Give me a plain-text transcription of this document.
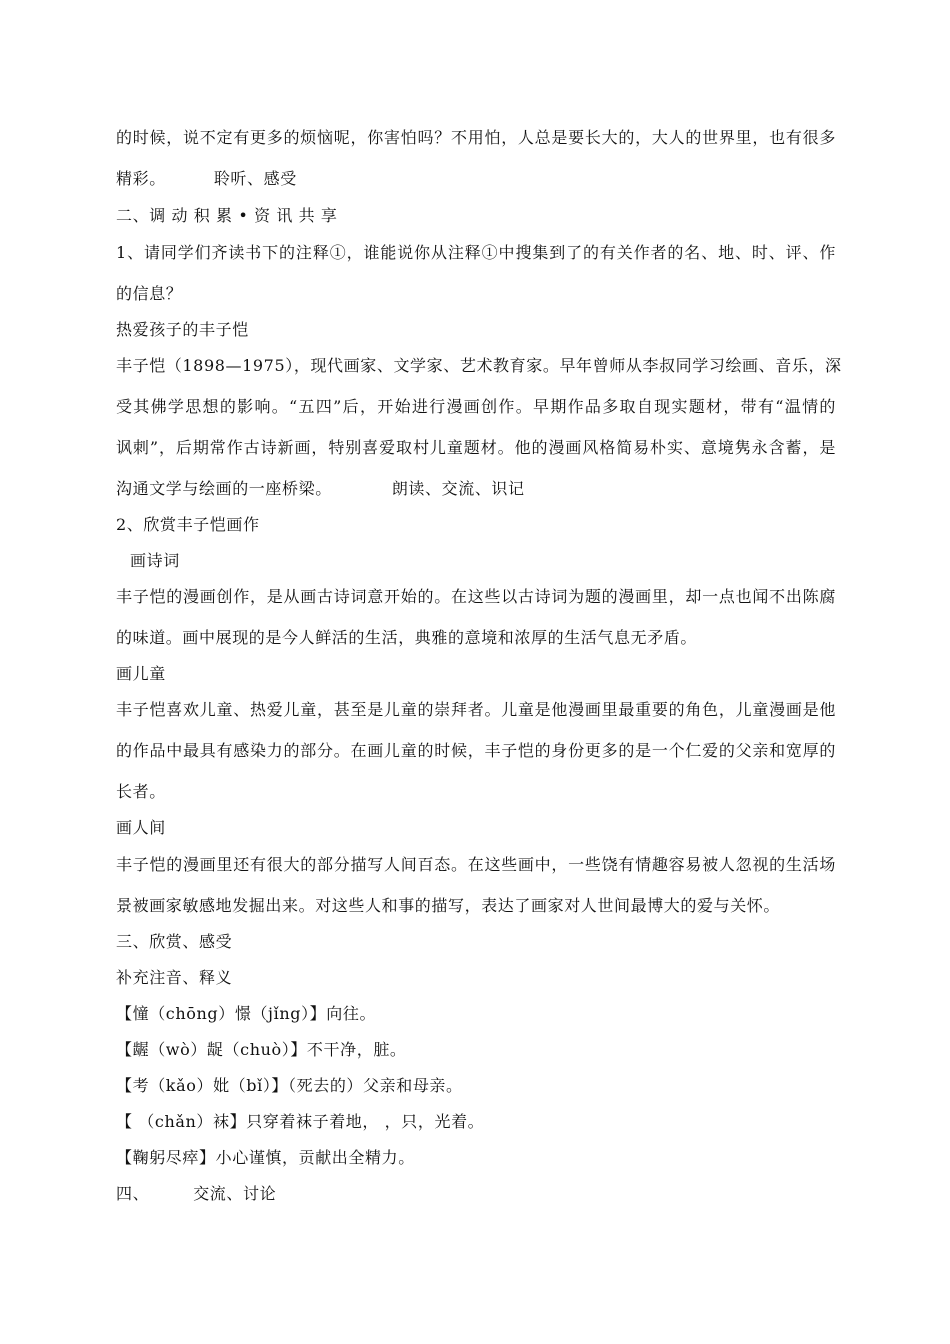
的时候，说不定有更多的烦恼呢，你害怕吗？不用怕，人总是要长大的，大人的世界里，也有很多
精彩。	聆听、感受
二、调 动 积 累 • 资 讯 共 享
1、请同学们齐读书下的注释①，谁能说你从注释①中搜集到了的有关作者的名、地、时、评、作
的信息？
热爱孩子的丰子恺
丰子恺（1898—1975），现代画家、文学家、艺术教育家。早年曾师从李叔同学习绘画、音乐，深
受其佛学思想的影响。“五四”后，开始进行漫画创作。早期作品多取自现实题材，带有“温情的
讽刺”，后期常作古诗新画，特别喜爱取村儿童题材。他的漫画风格简易朴实、意境隽永含蓄，是
沟通文学与绘画的一座桥梁。	朗读、交流、识记
2、欣赏丰子恺画作
画诗词
丰子恺的漫画创作，是从画古诗词意开始的。在这些以古诗词为题的漫画里，却一点也闻不出陈腐
的味道。画中展现的是今人鲜活的生活，典雅的意境和浓厚的生活气息无矛盾。
画儿童
丰子恺喜欢儿童、热爱儿童，甚至是儿童的崇拜者。儿童是他漫画里最重要的角色，儿童漫画是他
的作品中最具有感染力的部分。在画儿童的时候，丰子恺的身份更多的是一个仁爱的父亲和宽厚的
长者。
画人间
丰子恺的漫画里还有很大的部分描写人间百态。在这些画中，一些饶有情趣容易被人忽视的生活场
景被画家敏感地发掘出来。对这些人和事的描写，表达了画家对人世间最博大的爱与关怀。
三、欣赏、感受
补充注音、释义
【憧（chōng）憬（jǐng）】向往。
【龌（wò）龊（chuò）】不干净，脏。
【考（kǎo）妣（bǐ）】（死去的）父亲和母亲。
【 （chǎn）袜】只穿着袜子着地， ，只，光着。
【鞠躬尽瘁】小心谨慎，贡献出全精力。
四、	交流、讨论
